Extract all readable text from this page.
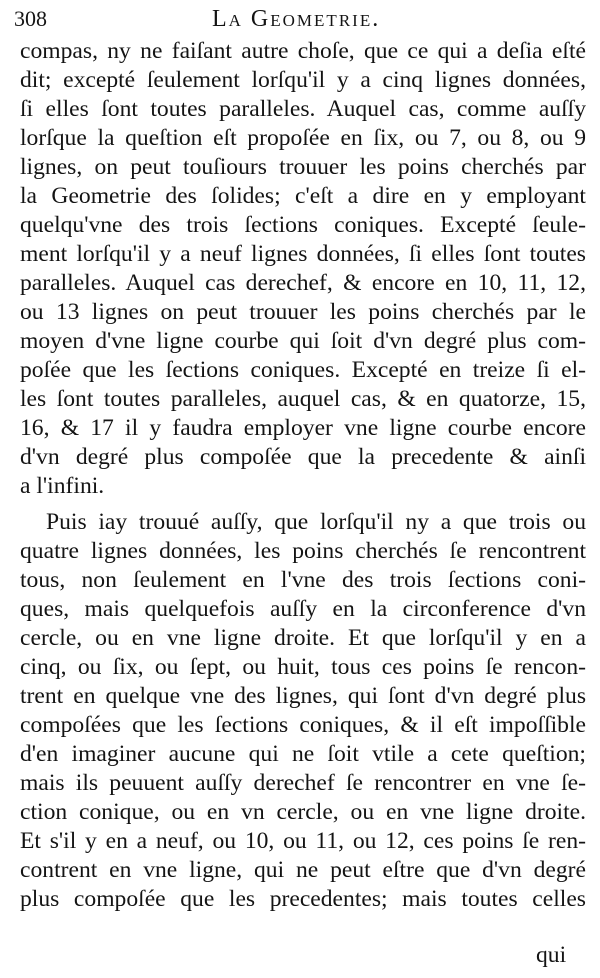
308	La Geometrie.
compas, ny ne faiſant autre choſe, que ce qui a deſia eſté
dit; excepté ſeulement lorſqu'il y a cinq lignes données,
ſi elles ſont toutes paralleles. Auquel cas, comme auſſy
lorſque la queſtion eſt propoſée en ſix, ou 7, ou 8, ou 9
lignes, on peut touſiours trouuer les poins cherchés par
la Geometrie des ſolides; c'eſt a dire en y employant
quelqu'vne des trois ſections coniques. Excepté ſeule-
ment lorſqu'il y a neuf lignes données, ſi elles ſont toutes
paralleles. Auquel cas derechef, & encore en 10, 11, 12,
ou 13 lignes on peut trouuer les poins cherchés par le
moyen d'vne ligne courbe qui ſoit d'vn degré plus com-
poſée que les ſections coniques. Excepté en treize ſi el-
les ſont toutes paralleles, auquel cas, & en quatorze, 15,
16, & 17 il y faudra employer vne ligne courbe encore
d'vn degré plus compoſée que la precedente & ainſi
a l'infini.
Puis iay trouué auſſy, que lorſqu'il ny a que trois ou
quatre lignes données, les poins cherchés ſe rencontrent
tous, non ſeulement en l'vne des trois ſections coni-
ques, mais quelquefois auſſy en la circonference d'vn
cercle, ou en vne ligne droite. Et que lorſqu'il y en a
cinq, ou ſix, ou ſept, ou huit, tous ces poins ſe rencon-
trent en quelque vne des lignes, qui ſont d'vn degré plus
compoſées que les ſections coniques, & il eſt impoſſible
d'en imaginer aucune qui ne ſoit vtile a cete queſtion;
mais ils peuuent auſſy derechef ſe rencontrer en vne ſe-
ction conique, ou en vn cercle, ou en vne ligne droite.
Et s'il y en a neuf, ou 10, ou 11, ou 12, ces poins ſe ren-
contrent en vne ligne, qui ne peut eſtre que d'vn degré
plus compoſée que les precedentes; mais toutes celles
qui
